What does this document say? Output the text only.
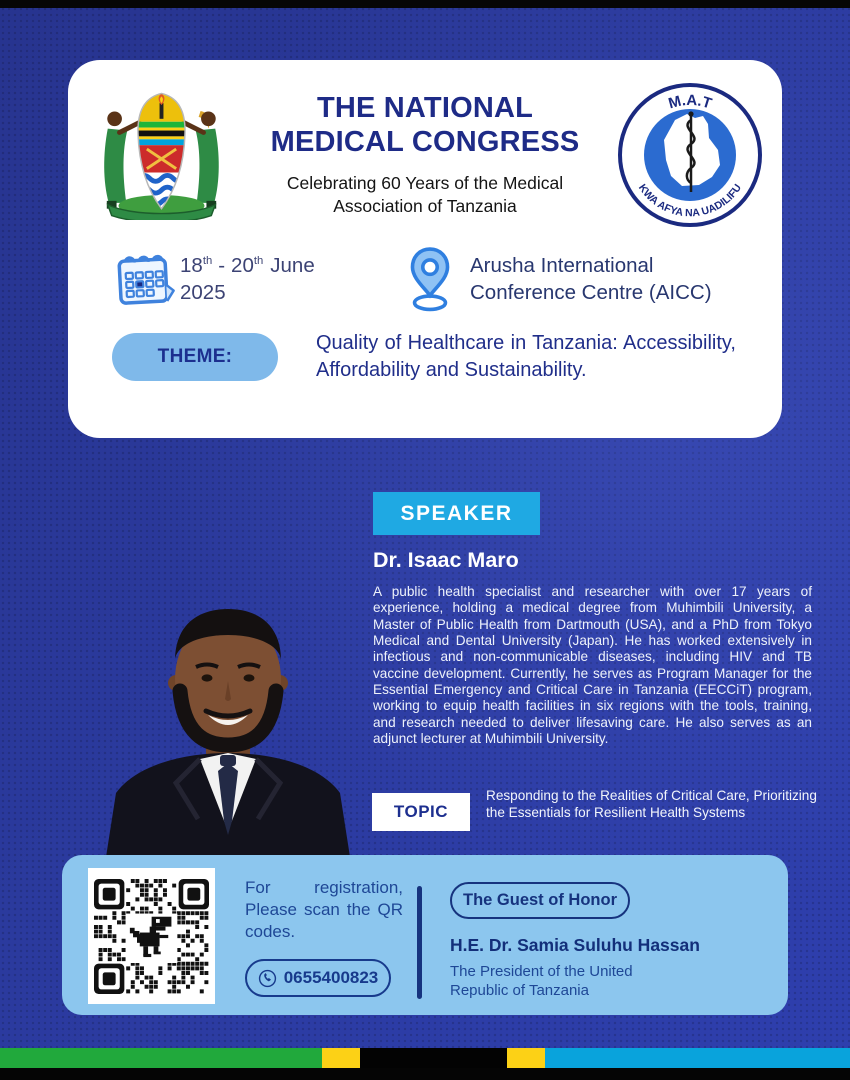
THE NATIONAL
MEDICAL CONGRESS
Celebrating 60 Years of the Medical
Association of Tanzania
M.A.T
KWA AFYA NA UADILIFU
18th - 20th June
2025
Arusha International
Conference Centre (AICC)
THEME:

Quality of Healthcare in Tanzania: Accessibility, Affordability and Sustainability.

SPEAKER
Dr. Isaac Maro

A public health specialist and researcher with over 17 years of experience, holding a medical degree from Muhimbili University, a Master of Public Health from Dartmouth (USA), and a PhD from Tokyo Medical and Dental University (Japan). He has worked extensively in infectious and non-communicable diseases, including HIV and TB vaccine development. Currently, he serves as Program Manager for the Essential Emergency and Critical Care in Tanzania (EECCiT) program, working to equip health facilities in six regions with the tools, training, and research needed to deliver lifesaving care. He also serves as an adjunct lecturer at Muhimbili University.

TOPIC

Responding to the Realities of Critical Care, Prioritizing the Essentials for Resilient Health Systems

For registration, Please scan the QR codes.

0655400823
The Guest of Honor
H.E. Dr. Samia Suluhu Hassan

The President of the United Republic of Tanzania
